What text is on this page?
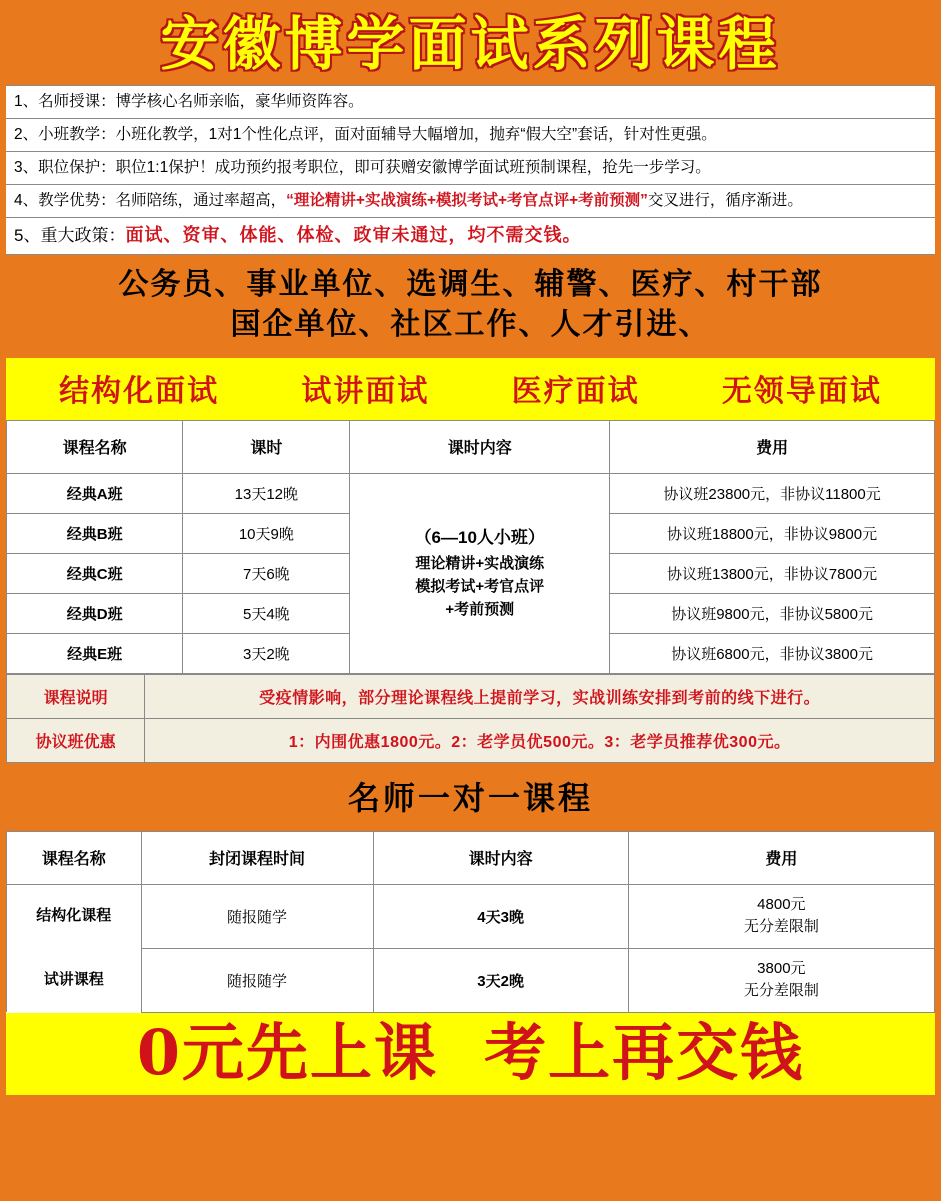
安徽博学面试系列课程
1、名师授课：博学核心名师亲临，豪华师资阵容。
2、小班教学：小班化教学，1对1个性化点评，面对面辅导大幅增加，抛弃“假大空”套话，针对性更强。
3、职位保护：职位1:1保护！成功预约报考职位，即可获赠安徽博学面试班预制课程，抢先一步学习。
4、教学优势：名师陪练，通过率超高，“理论精讲+实战演练+模拟考试+考官点评+考前预测”交叉进行，循序渐进。
5、重大政策：面试、资审、体能、体检、政审未通过，均不需交钱。
公务员、事业单位、选调生、辅警、医疗、村干部
国企单位、社区工作、人才引进、
结构化面试	试讲面试	医疗面试	无领导面试
课程名称	课时	课时内容	费用
经典A班	13天12晚	（6—10人小班）
理论精讲+实战演练
模拟考试+考官点评
+考前预测	协议班23800元，非协议11800元
经典B班	10天9晚		协议班18800元，非协议9800元
经典C班	7天6晚		协议班13800元，非协议7800元
经典D班	5天4晚		协议班9800元，非协议5800元
经典E班	3天2晚		协议班6800元，非协议3800元
课程说明	受疫情影响，部分理论课程线上提前学习，实战训练安排到考前的线下进行。
协议班优惠	1：内围优惠1800元。2：老学员优500元。3：老学员推荐优300元。
名师一对一课程
课程名称	封闭课程时间	课时内容	费用
结构化课程	随报随学	4天3晚	4800元
无分差限制

试讲课程	随报随学	3天2晚	3800元
无分差限制
0元先上课 考上再交钱
